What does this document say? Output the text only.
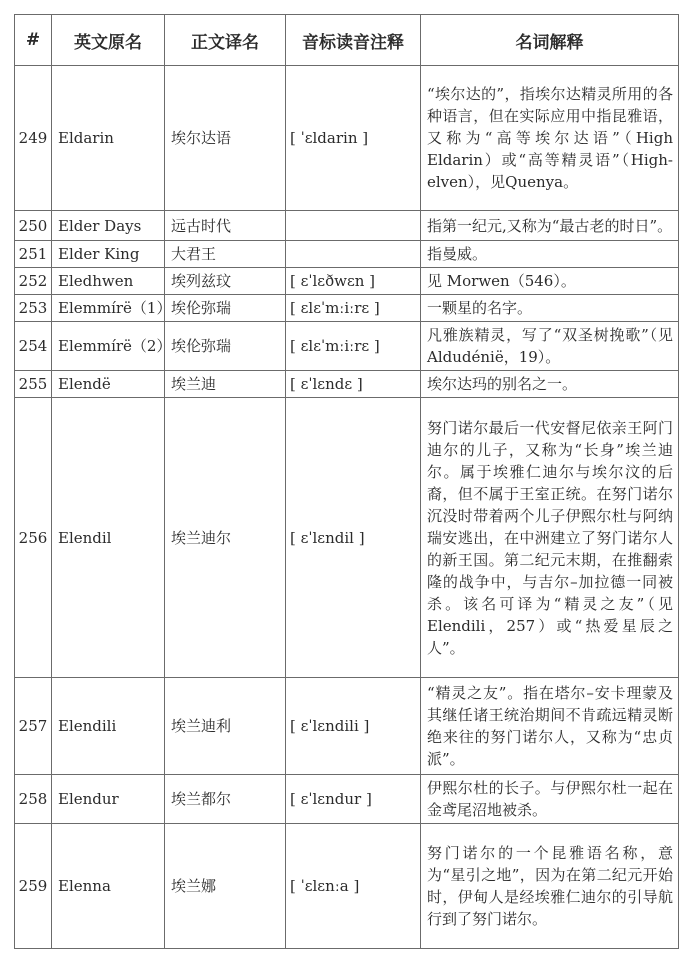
#	英文原名	正文译名	音标读音注释	名词解释
249	Eldarin	埃尔达语	[ ˈɛldarin ]	“埃尔达的”，指埃尔达精灵所用的各种语言，但在实际应用中指昆雅语，又称为“高等埃尔达语”（High Eldarin）或“高等精灵语”（High-elven），见Quenya。
250	Elder Days	远古时代		指第一纪元,又称为“最古老的时日”。
251	Elder King	大君王		指曼威。
252	Eledhwen	埃列兹玟	[ ɛˈlɛðwɛn ]	见 Morwen（546）。
253	Elemmírë（1）	埃伦弥瑞	[ ɛlɛˈmːiːrɛ ]	一颗星的名字。
254	Elemmírë（2）	埃伦弥瑞	[ ɛlɛˈmːiːrɛ ]	凡雅族精灵，写了“双圣树挽歌”（见 Aldudénië，19）。
255	Elendë	埃兰迪	[ ɛˈlɛndɛ ]	埃尔达玛的别名之一。
256	Elendil	埃兰迪尔	[ ɛˈlɛndil ]	努门诺尔最后一代安督尼依亲王阿门迪尔的儿子，又称为“长身”埃兰迪尔。属于埃雅仁迪尔与埃尔汶的后裔，但不属于王室正统。在努门诺尔沉没时带着两个儿子伊熙尔杜与阿纳瑞安逃出，在中洲建立了努门诺尔人的新王国。第二纪元末期，在推翻索隆的战争中，与吉尔–加拉德一同被杀。该名可译为“精灵之友”（见 Elendili，257）或“热爱星辰之人”。
257	Elendili	埃兰迪利	[ ɛˈlɛndili ]	“精灵之友”。指在塔尔–安卡理蒙及其继任诸王统治期间不肯疏远精灵断绝来往的努门诺尔人，又称为“忠贞派”。
258	Elendur	埃兰都尔	[ ɛˈlɛndur ]	伊熙尔杜的长子。与伊熙尔杜一起在金鸢尾沼地被杀。
259	Elenna	埃兰娜	[ ˈɛlɛnːa ]	努门诺尔的一个昆雅语名称，意为“星引之地”，因为在第二纪元开始时，伊甸人是经埃雅仁迪尔的引导航行到了努门诺尔。
